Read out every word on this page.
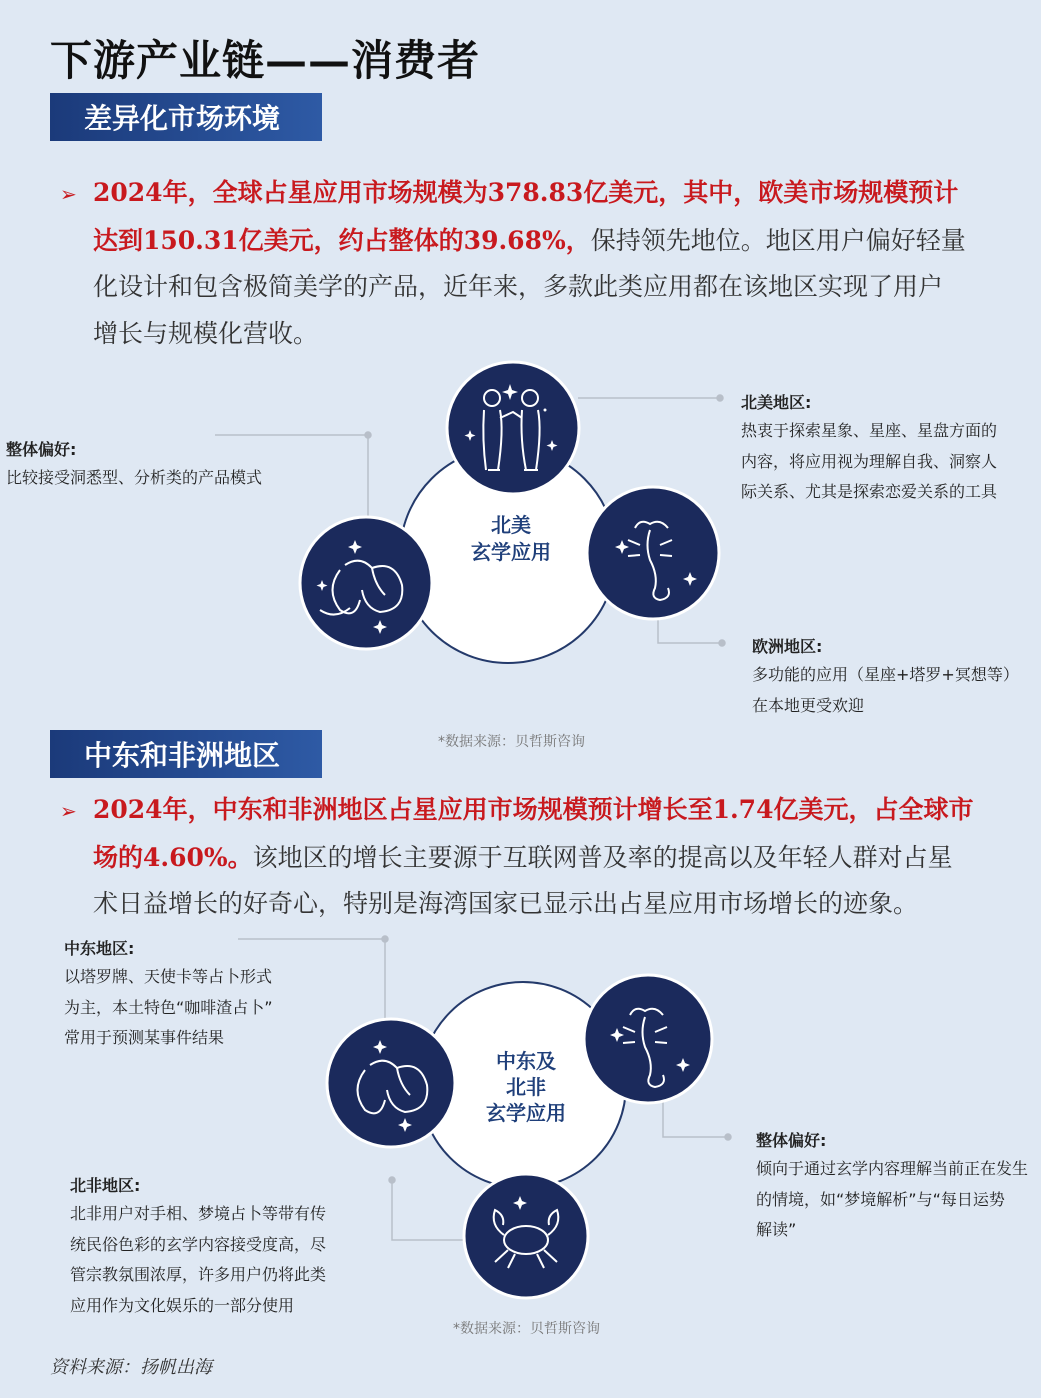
下游产业链——消费者
差异化市场环境
➢ 2024年，全球占星应用市场规模为378.83亿美元，其中，欧美市场规模预计
达到150.31亿美元，约占整体的39.68%，保持领先地位。地区用户偏好轻量
化设计和包含极简美学的产品，近年来，多款此类应用都在该地区实现了用户
增长与规模化营收。
北美
玄学应用
整体偏好:
比较接受洞悉型、分析类的产品模式
北美地区:
热衷于探索星象、星座、星盘方面的
内容，将应用视为理解自我、洞察人
际关系、尤其是探索恋爱关系的工具
欧洲地区:
多功能的应用（星座+塔罗+冥想等）
在本地更受欢迎
*数据来源：贝哲斯咨询
中东和非洲地区
➢ 2024年，中东和非洲地区占星应用市场规模预计增长至1.74亿美元，占全球市
场的4.60%。该地区的增长主要源于互联网普及率的提高以及年轻人群对占星
术日益增长的好奇心，特别是海湾国家已显示出占星应用市场增长的迹象。
中东及
北非
玄学应用
中东地区:
以塔罗牌、天使卡等占卜形式
为主，本土特色“咖啡渣占卜”
常用于预测某事件结果
整体偏好:
倾向于通过玄学内容理解当前正在发生
的情境，如“梦境解析”与“每日运势
解读”
北非地区:
北非用户对手相、梦境占卜等带有传
统民俗色彩的玄学内容接受度高，尽
管宗教氛围浓厚，许多用户仍将此类
应用作为文化娱乐的一部分使用
*数据来源：贝哲斯咨询
资料来源：扬帆出海
